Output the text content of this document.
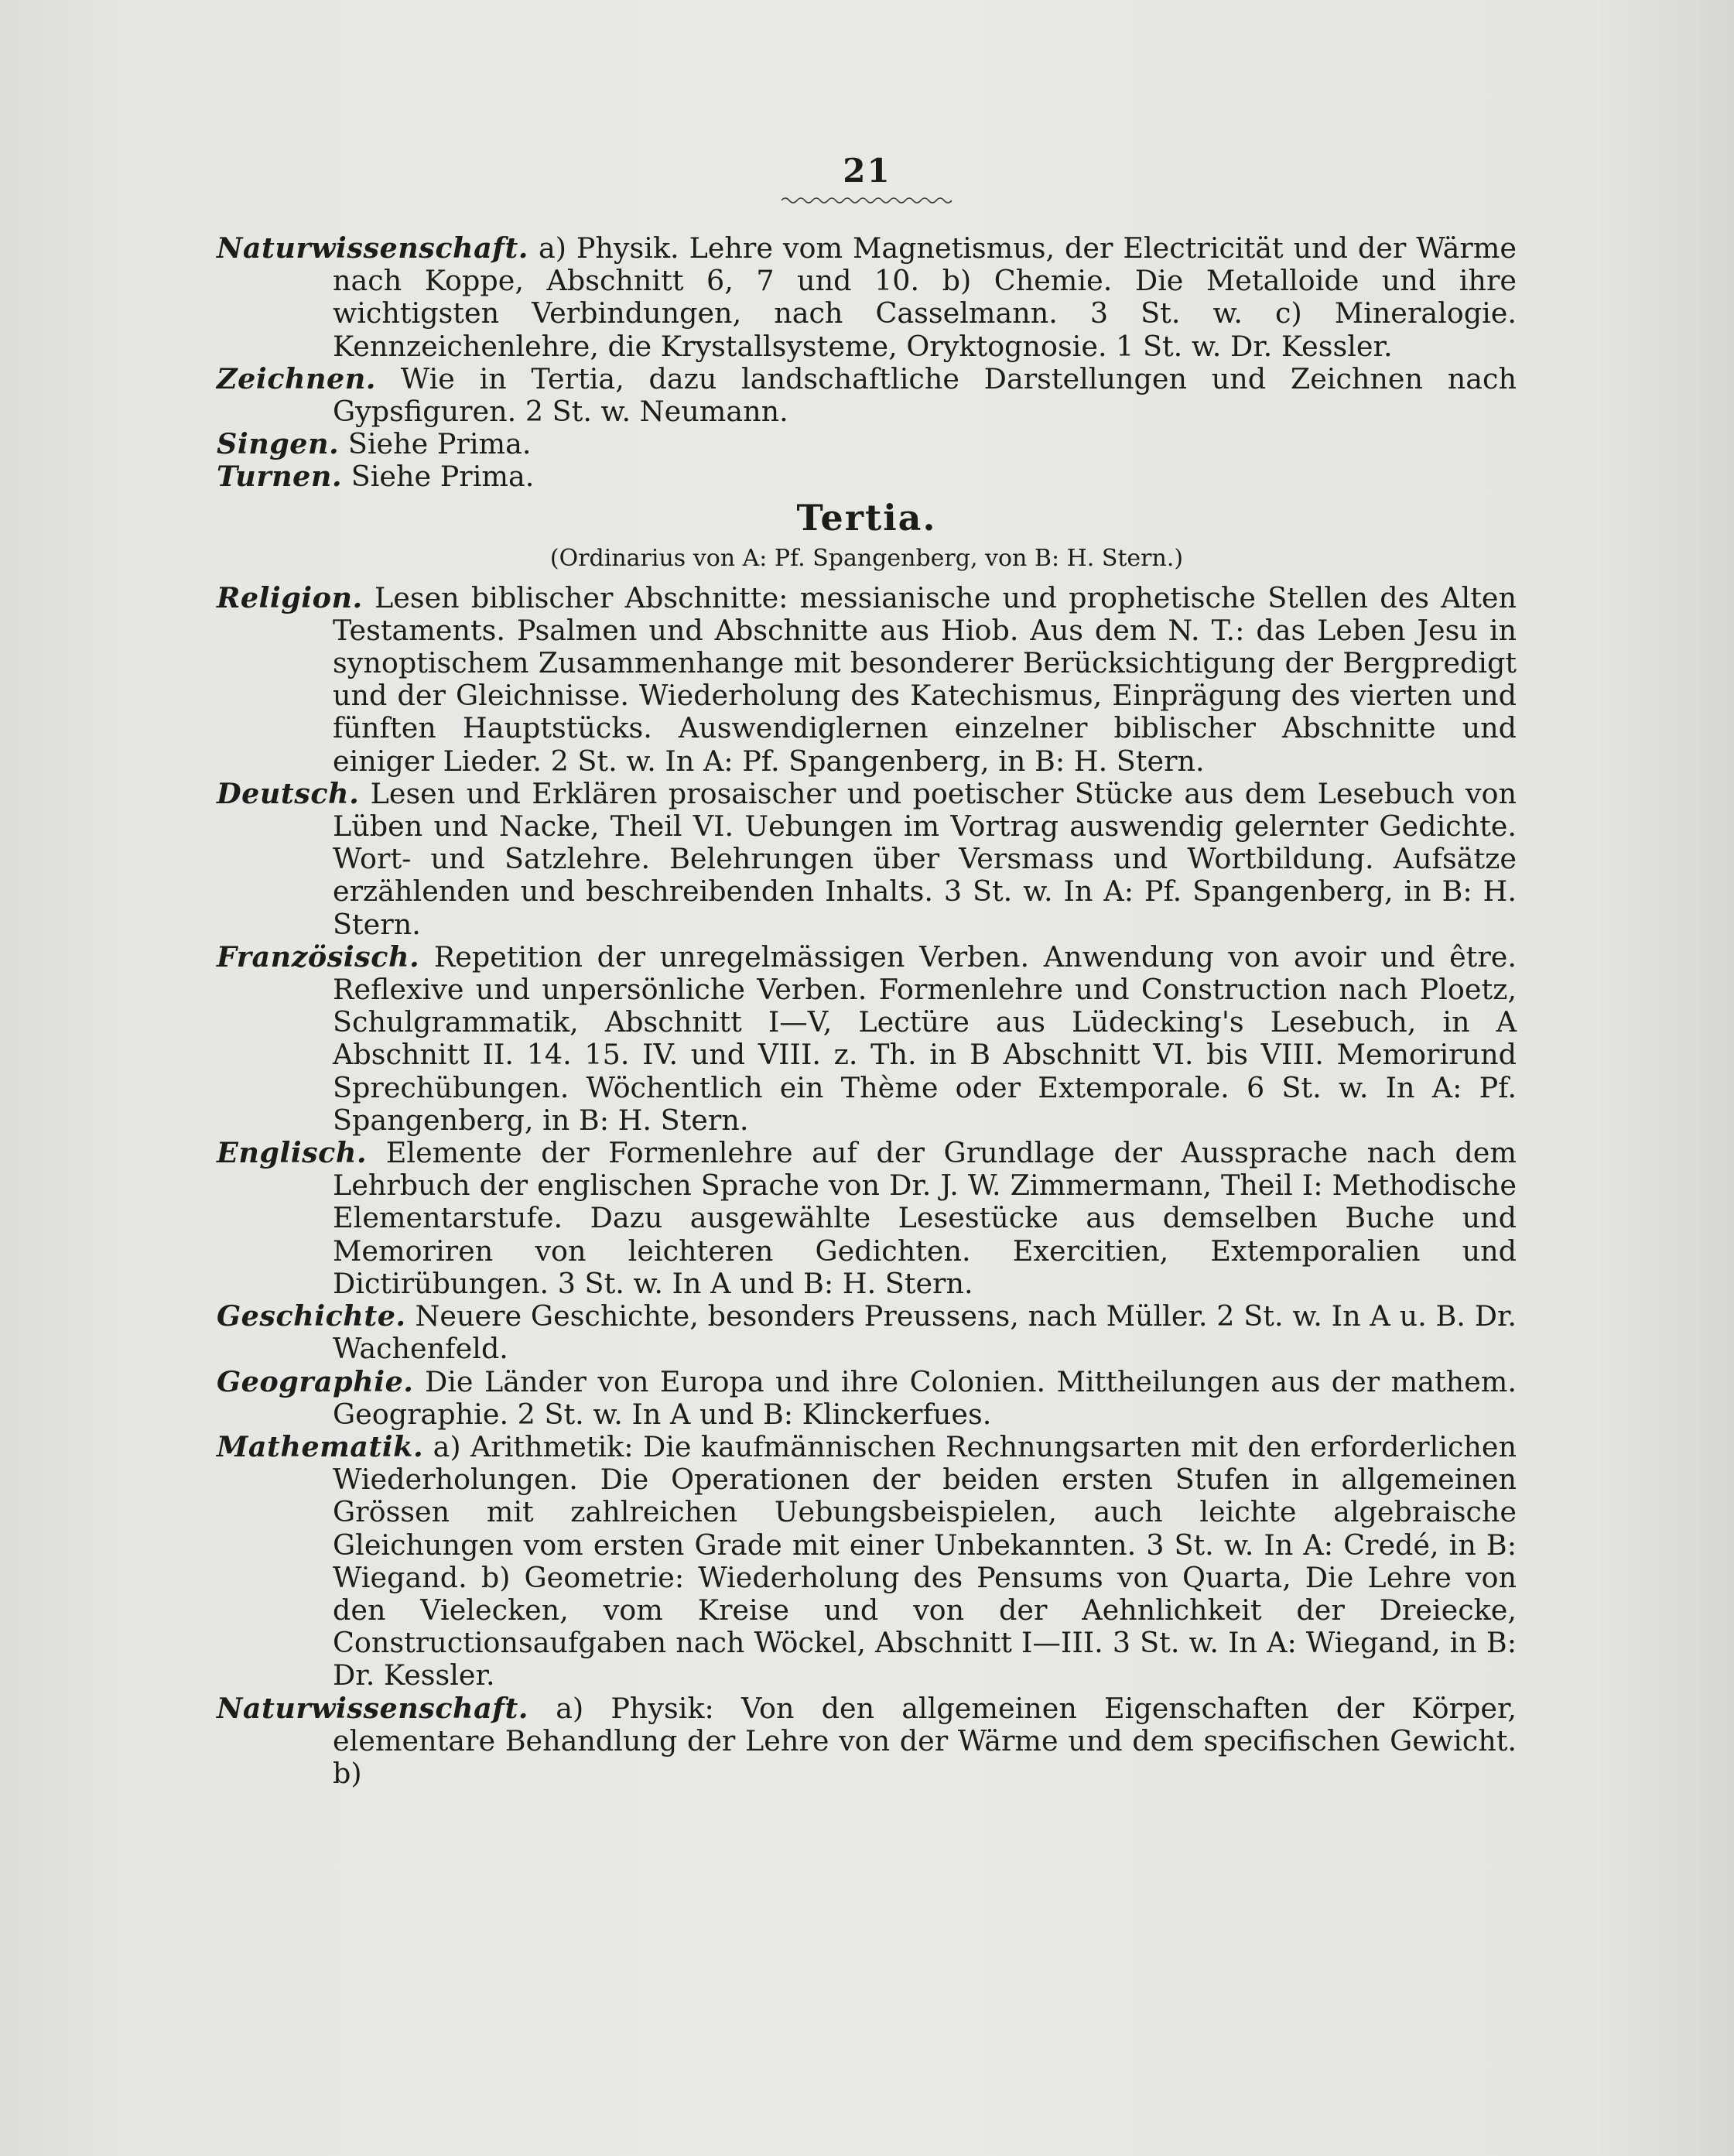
21
Naturwissenschaft. a) Physik. Lehre vom Magnetismus, der Electricität und der Wärme nach Koppe, Abschnitt 6, 7 und 10. b) Chemie. Die Metalloide und ihre wichtigsten Verbindungen, nach Casselmann. 3 St. w. c) Mineralogie. Kennzeichenlehre, die Krystallsysteme, Oryktognosie. 1 St. w. Dr. Kessler.
Zeichnen. Wie in Tertia, dazu landschaftliche Darstellungen und Zeichnen nach Gypsfiguren. 2 St. w. Neumann.
Singen. Siehe Prima.
Turnen. Siehe Prima.
Tertia.
(Ordinarius von A: Pf. Spangenberg, von B: H. Stern.)
Religion. Lesen biblischer Abschnitte: messianische und prophetische Stellen des Alten Testaments. Psalmen und Abschnitte aus Hiob. Aus dem N. T.: das Leben Jesu in synoptischem Zusammenhange mit besonderer Berücksichtigung der Bergpredigt und der Gleichnisse. Wiederholung des Katechismus, Einprägung des vierten und fünften Hauptstücks. Auswendiglernen einzelner biblischer Abschnitte und einiger Lieder. 2 St. w. In A: Pf. Spangenberg, in B: H. Stern.
Deutsch. Lesen und Erklären prosaischer und poetischer Stücke aus dem Lesebuch von Lüben und Nacke, Theil VI. Uebungen im Vortrag auswendig gelernter Gedichte. Wort- und Satzlehre. Belehrungen über Versmass und Wortbildung. Aufsätze erzählenden und beschreibenden Inhalts. 3 St. w. In A: Pf. Spangenberg, in B: H. Stern.
Französisch. Repetition der unregelmässigen Verben. Anwendung von avoir und être. Reflexive und unpersönliche Verben. Formenlehre und Construction nach Ploetz, Schulgrammatik, Abschnitt I—V, Lectüre aus Lüdecking's Lesebuch, in A Abschnitt II. 14. 15. IV. und VIII. z. Th. in B Abschnitt VI. bis VIII. Memorirund Sprechübungen. Wöchentlich ein Thème oder Extemporale. 6 St. w. In A: Pf. Spangenberg, in B: H. Stern.
Englisch. Elemente der Formenlehre auf der Grundlage der Aussprache nach dem Lehrbuch der englischen Sprache von Dr. J. W. Zimmermann, Theil I: Methodische Elementarstufe. Dazu ausgewählte Lesestücke aus demselben Buche und Memoriren von leichteren Gedichten. Exercitien, Extemporalien und Dictirübungen. 3 St. w. In A und B: H. Stern.
Geschichte. Neuere Geschichte, besonders Preussens, nach Müller. 2 St. w. In A u. B. Dr. Wachenfeld.
Geographie. Die Länder von Europa und ihre Colonien. Mittheilungen aus der mathem. Geographie. 2 St. w. In A und B: Klinckerfues.
Mathematik. a) Arithmetik: Die kaufmännischen Rechnungsarten mit den erforderlichen Wiederholungen. Die Operationen der beiden ersten Stufen in allgemeinen Grössen mit zahlreichen Uebungsbeispielen, auch leichte algebraische Gleichungen vom ersten Grade mit einer Unbekannten. 3 St. w. In A: Credé, in B: Wiegand. b) Geometrie: Wiederholung des Pensums von Quarta, Die Lehre von den Vielecken, vom Kreise und von der Aehnlichkeit der Dreiecke, Constructionsaufgaben nach Wöckel, Abschnitt I—III. 3 St. w. In A: Wiegand, in B: Dr. Kessler.
Naturwissenschaft. a) Physik: Von den allgemeinen Eigenschaften der Körper, elementare Behandlung der Lehre von der Wärme und dem specifischen Gewicht. b)
